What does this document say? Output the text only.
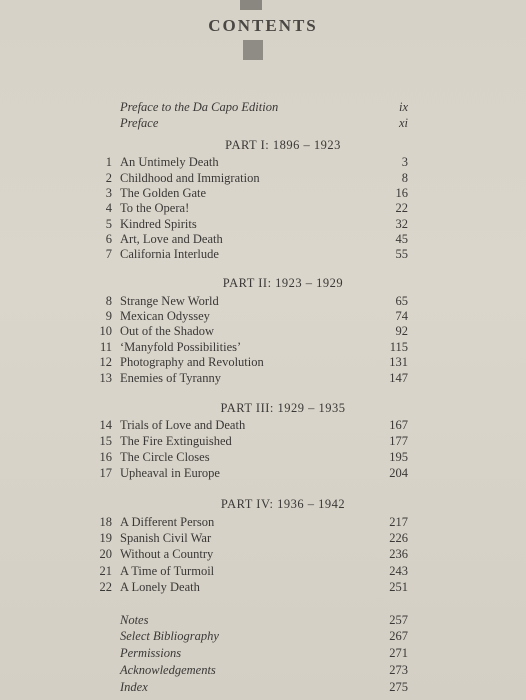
CONTENTS
Preface to the Da Capo Edition	ix
Preface	xi
PART I: 1896 – 1923
1 An Untimely Death	3
2 Childhood and Immigration	8
3 The Golden Gate	16
4 To the Opera!	22
5 Kindred Spirits	32
6 Art, Love and Death	45
7 California Interlude	55
PART II: 1923 – 1929
8 Strange New World	65
9 Mexican Odyssey	74
10 Out of the Shadow	92
11 ‘Manyfold Possibilities’	115
12 Photography and Revolution	131
13 Enemies of Tyranny	147
PART III: 1929 – 1935
14 Trials of Love and Death	167
15 The Fire Extinguished	177
16 The Circle Closes	195
17 Upheaval in Europe	204
PART IV: 1936 – 1942
18 A Different Person	217
19 Spanish Civil War	226
20 Without a Country	236
21 A Time of Turmoil	243
22 A Lonely Death	251
Notes	257
Select Bibliography	267
Permissions	271
Acknowledgements	273
Index	275
